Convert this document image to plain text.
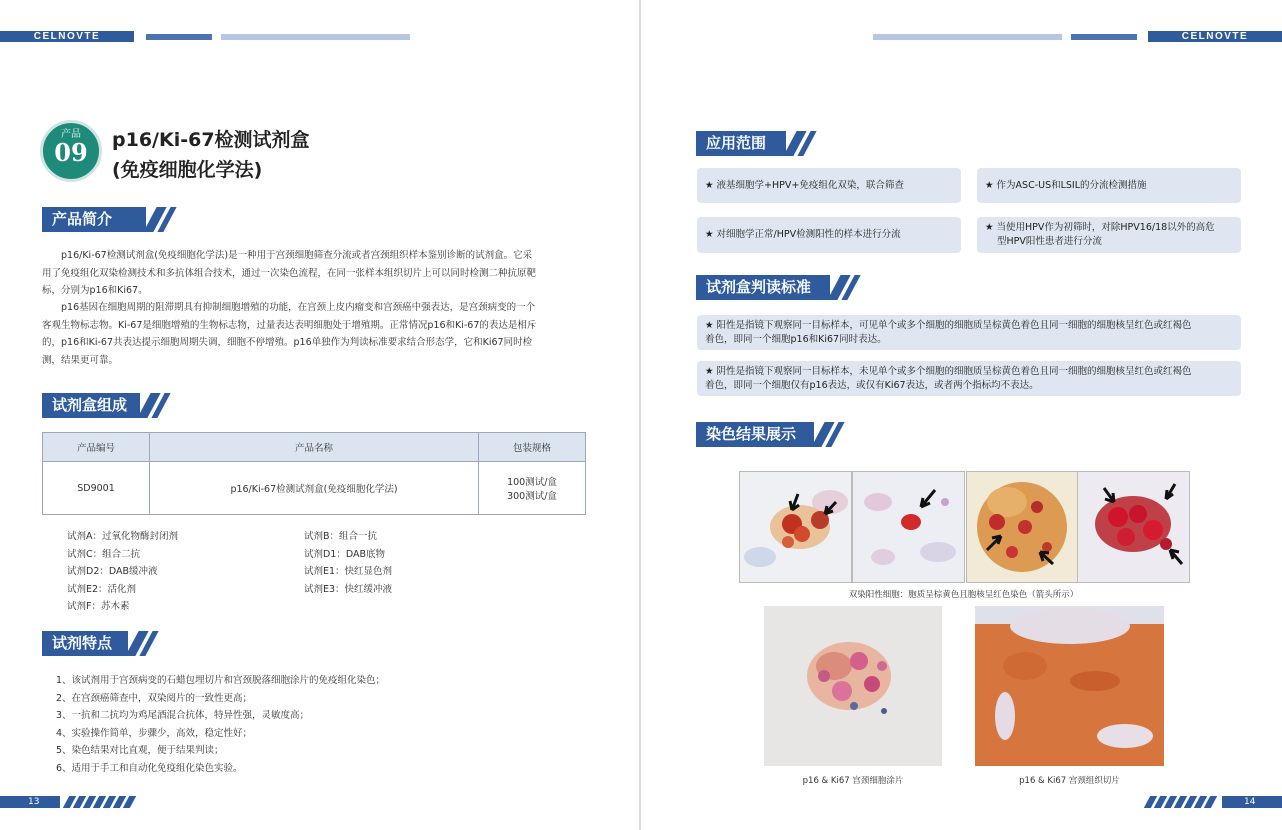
CELNOVTE	CELNOVTE
产品
09	p16/Ki-67检测试剂盒
(免疫细胞化学法)
产品简介
p16/Ki-67检测试剂盒(免疫细胞化学法)是一种用于宫颈细胞筛查分流或者宫颈组织样本鉴别诊断的试剂盒。它采
用了免疫组化双染检测技术和多抗体组合技术，通过一次染色流程，在同一张样本组织切片上可以同时检测二种抗原靶
标，分别为p16和Ki67。
p16基因在细胞周期的阻滞期具有抑制细胞增殖的功能，在宫颈上皮内瘤变和宫颈癌中强表达，是宫颈病变的一个
客观生物标志物。Ki-67是细胞增殖的生物标志物，过量表达表明细胞处于增殖期。正常情况p16和Ki-67的表达是相斥
的，p16和Ki-67共表达提示细胞周期失调，细胞不停增殖。p16单独作为判读标准要求结合形态学，它和Ki67同时检
测，结果更可靠。
试剂盒组成
产品编号	产品名称	包装规格
SD9001	p16/Ki-67检测试剂盒(免疫细胞化学法)	100测试/盒
300测试/盒
试剂A：过氧化物酶封闭剂
试剂C：组合二抗
试剂D2：DAB缓冲液
试剂E2：活化剂
试剂F：苏木素
试剂B：组合一抗
试剂D1：DAB底物
试剂E1：快红显色剂
试剂E3：快红缓冲液
试剂特点
1、该试剂用于宫颈病变的石蜡包埋切片和宫颈脱落细胞涂片的免疫组化染色；
2、在宫颈癌筛查中，双染阅片的一致性更高；
3、一抗和二抗均为鸡尾酒混合抗体，特异性强，灵敏度高；
4、实验操作简单，步骤少，高效，稳定性好；
5、染色结果对比直观，便于结果判读；
6、适用于手工和自动化免疫组化染色实验。
13
应用范围
★ 液基细胞学+HPV+免疫组化双染，联合筛查	★ 作为ASC-US和LSIL的分流检测措施
★ 对细胞学正常/HPV检测阳性的样本进行分流
★ 当使用HPV作为初筛时，对除HPV16/18以外的高危
型HPV阳性患者进行分流
试剂盒判读标准
★ 阳性是指镜下观察同一目标样本，可见单个或多个细胞的细胞质呈棕黄色着色且同一细胞的细胞核呈红色或红褐色
着色，即同一个细胞p16和Ki67同时表达。
★ 阴性是指镜下观察同一目标样本，未见单个或多个细胞的细胞质呈棕黄色着色且同一细胞的细胞核呈红色或红褐色
着色，即同一个细胞仅有p16表达，或仅有Ki67表达，或者两个指标均不表达。
染色结果展示
双染阳性细胞：胞质呈棕黄色且胞核呈红色染色（箭头所示）
p16 & Ki67 宫颈细胞涂片	p16 & Ki67 宫颈组织切片
14
